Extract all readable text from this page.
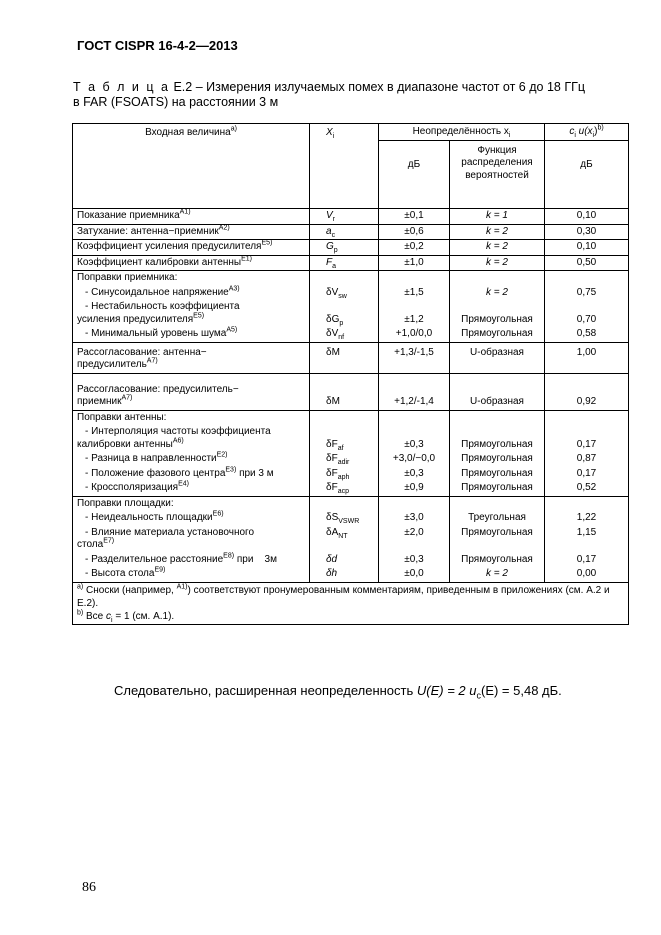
ГОСТ CISPR 16-4-2—2013
Т а б л и ц а Е.2 – Измерения излучаемых помех в диапазоне частот от 6 до 18 ГГц
в FAR (FSOATS) на расстоянии 3 м
Входная величина$^{a)}$	$X_i$	Неопределённость $x_i$		$c_i$ $u(x_i)^{b)}$
		дБ	Функция распределения вероятностей	дБ
Показание приемника$^{A1)}$	$V_r$	±0,1	k = 1	0,10
Затухание: антенна−приемник$^{A2)}$	$a_c$	±0,6	k = 2	0,30
Коэффициент усиления предусилителя$^{E5)}$	$G_p$	±0,2	k = 2	0,10
Коэффициент калибровки антенны$^{E1)}$	$F_a$	±1,0	k = 2	0,50
Поправки приемника:				
- Синусоидальное напряжение$^{A3)}$	$\delta V_{sw}$	±1,5	k = 2	0,75
- Нестабильность коэффициента
усиления предусилителя$^{E5)}$	$\delta G_p$	±1,2	Прямоугольная	0,70
- Минимальный уровень шума$^{A5)}$	$\delta V_{nf}$	+1,0/0,0	Прямоугольная	0,58
Рассогласование: антенна−
предусилитель$^{A7)}$	δM	+1,3/-1,5	U-образная	1,00
Рассогласование: предусилитель−
приемник$^{A7)}$	δM	+1,2/-1,4	U-образная	0,92
Поправки антенны:				
- Интерполяция частоты коэффициента
калибровки антенны$^{A6)}$	$\delta F_{af}$	±0,3	Прямоугольная	0,17
- Разница в направленности$^{E2)}$	$\delta F_{adir}$	+3,0/−0,0	Прямоугольная	0,87
- Положение фазового центра$^{E3)}$ при 3 м	$\delta F_{aph}$	±0,3	Прямоугольная	0,17
- Кроссполяризация$^{E4)}$	$\delta F_{acp}$	±0,9	Прямоугольная	0,52
Поправки площадки:				
- Неидеальность площадки$^{E6)}$	$\delta S_{VSWR}$	±3,0	Треугольная	1,22
- Влияние материала установочного
стола$^{E7)}$	$\delta A_{NT}$	±2,0	Прямоугольная	1,15
- Разделительное расстояние$^{E8)}$ при    3м	δd	±0,3	Прямоугольная	0,17
- Высота стола$^{E9)}$	δh	±0,0	k = 2	0,00
$^{a)}$ Сноски (например, $^{A1)}$) соответствуют пронумерованным комментариям, приведенным в приложениях (см. А.2 и Е.2).
$^{b)}$ Все $c_i = 1$ (см. А.1).				
Следовательно, расширенная неопределенность U(E) = 2 $u_c(E) = 5,48$ дБ.
86
